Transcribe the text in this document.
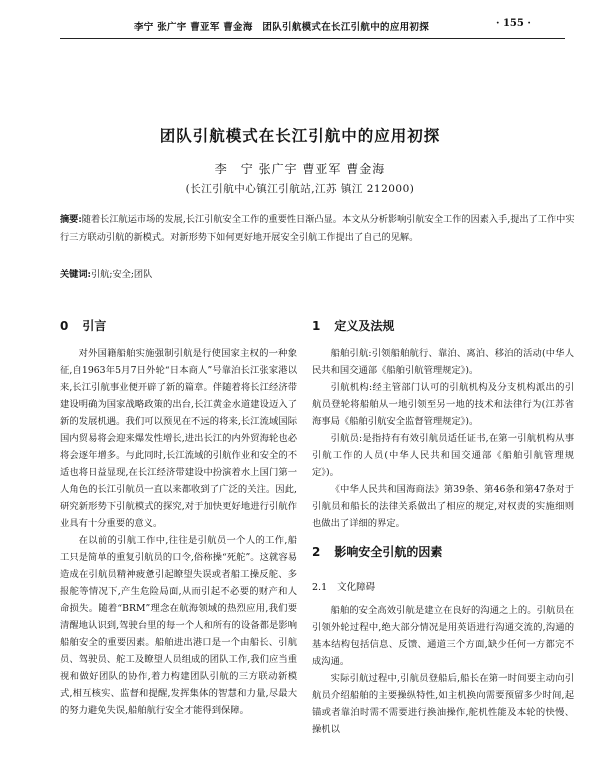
李宁 张广宇 曹亚军 曹金海　团队引航模式在长江引航中的应用初探	· 155 ·
团队引航模式在长江引航中的应用初探
李　宁 张广宇 曹亚军 曹金海
(长江引航中心镇江引航站,江苏 镇江 212000)
摘要:随着长江航运市场的发展,长江引航安全工作的重要性日渐凸显。本文从分析影响引航安全工作的因素入手,提出了工作中实行三方联动引航的新模式。对新形势下如何更好地开展安全引航工作提出了自己的见解。
关键词:引航;安全;团队
0 引言

对外国籍船舶实施强制引航是行使国家主权的一种象征,自1963年5月7日外轮“日本商人”号靠泊长江张家港以来,长江引航事业便开辟了新的篇章。伴随着将长江经济带建设明确为国家战略政策的出台,长江黄金水道建设迈入了新的发展机遇。我们可以预见在不远的将来,长江流域国际国内贸易将会迎来爆发性增长,进出长江的内外贸海轮也必将会逐年增多。与此同时,长江流域的引航作业和安全的不适也将日益显现,在长江经济带建设中扮演着水上国门第一人角色的长江引航员一直以来都收到了广泛的关注。因此,研究新形势下引航模式的探究,对于加快更好地进行引航作业具有十分重要的意义。

在以前的引航工作中,往往是引航员一个人的工作,船工只是简单的重复引航员的口令,俗称操“死舵”。这就容易造成在引航员精神疲惫引起瞭望失误或者船工操反舵、多报舵等情况下,产生危险局面,从而引起不必要的财产和人命损失。随着“BRM”理念在航海领域的热烈应用,我们要清醒地认识到,驾驶台里的每一个人和所有的设备都是影响船舶安全的重要因素。船舶进出港口是一个由船长、引航员、驾驶员、舵工及瞭望人员组成的团队工作,我们应当重视和做好团队的协作,着力构建团队引航的三方联动新模式,相互核实、监督和提醒,发挥集体的智慧和力量,尽最大的努力避免失误,船舶航行安全才能得到保障。

1 定义及法规

船舶引航:引领船舶航行、靠泊、离泊、移泊的活动(中华人民共和国交通部《船舶引航管理规定》)。

引航机构:经主管部门认可的引航机构及分支机构派出的引航员登轮将船舶从一地引领至另一地的技术和法律行为(江苏省海事局《船舶引航安全监督管理规定》)。

引航员:是指持有有效引航员适任证书,在第一引航机构从事引航工作的人员(中华人民共和国交通部《船舶引航管理规定》)。

《中华人民共和国海商法》第39条、第46条和第47条对于引航员和船长的法律关系做出了相应的规定,对权责的实施细则也做出了详细的界定。

2 影响安全引航的因素
2.1 文化障碍

船舶的安全高效引航是建立在良好的沟通之上的。引航员在引领外轮过程中,绝大部分情况是用英语进行沟通交流的,沟通的基本结构包括信息、反馈、通道三个方面,缺少任何一方都完不成沟通。

实际引航过程中,引航员登船后,船长在第一时间要主动向引航员介绍船舶的主要操纵特性,如主机换向需要预留多少时间,起锚或者靠泊时需不需要进行换油操作,舵机性能及本轮的快慢、操机以
